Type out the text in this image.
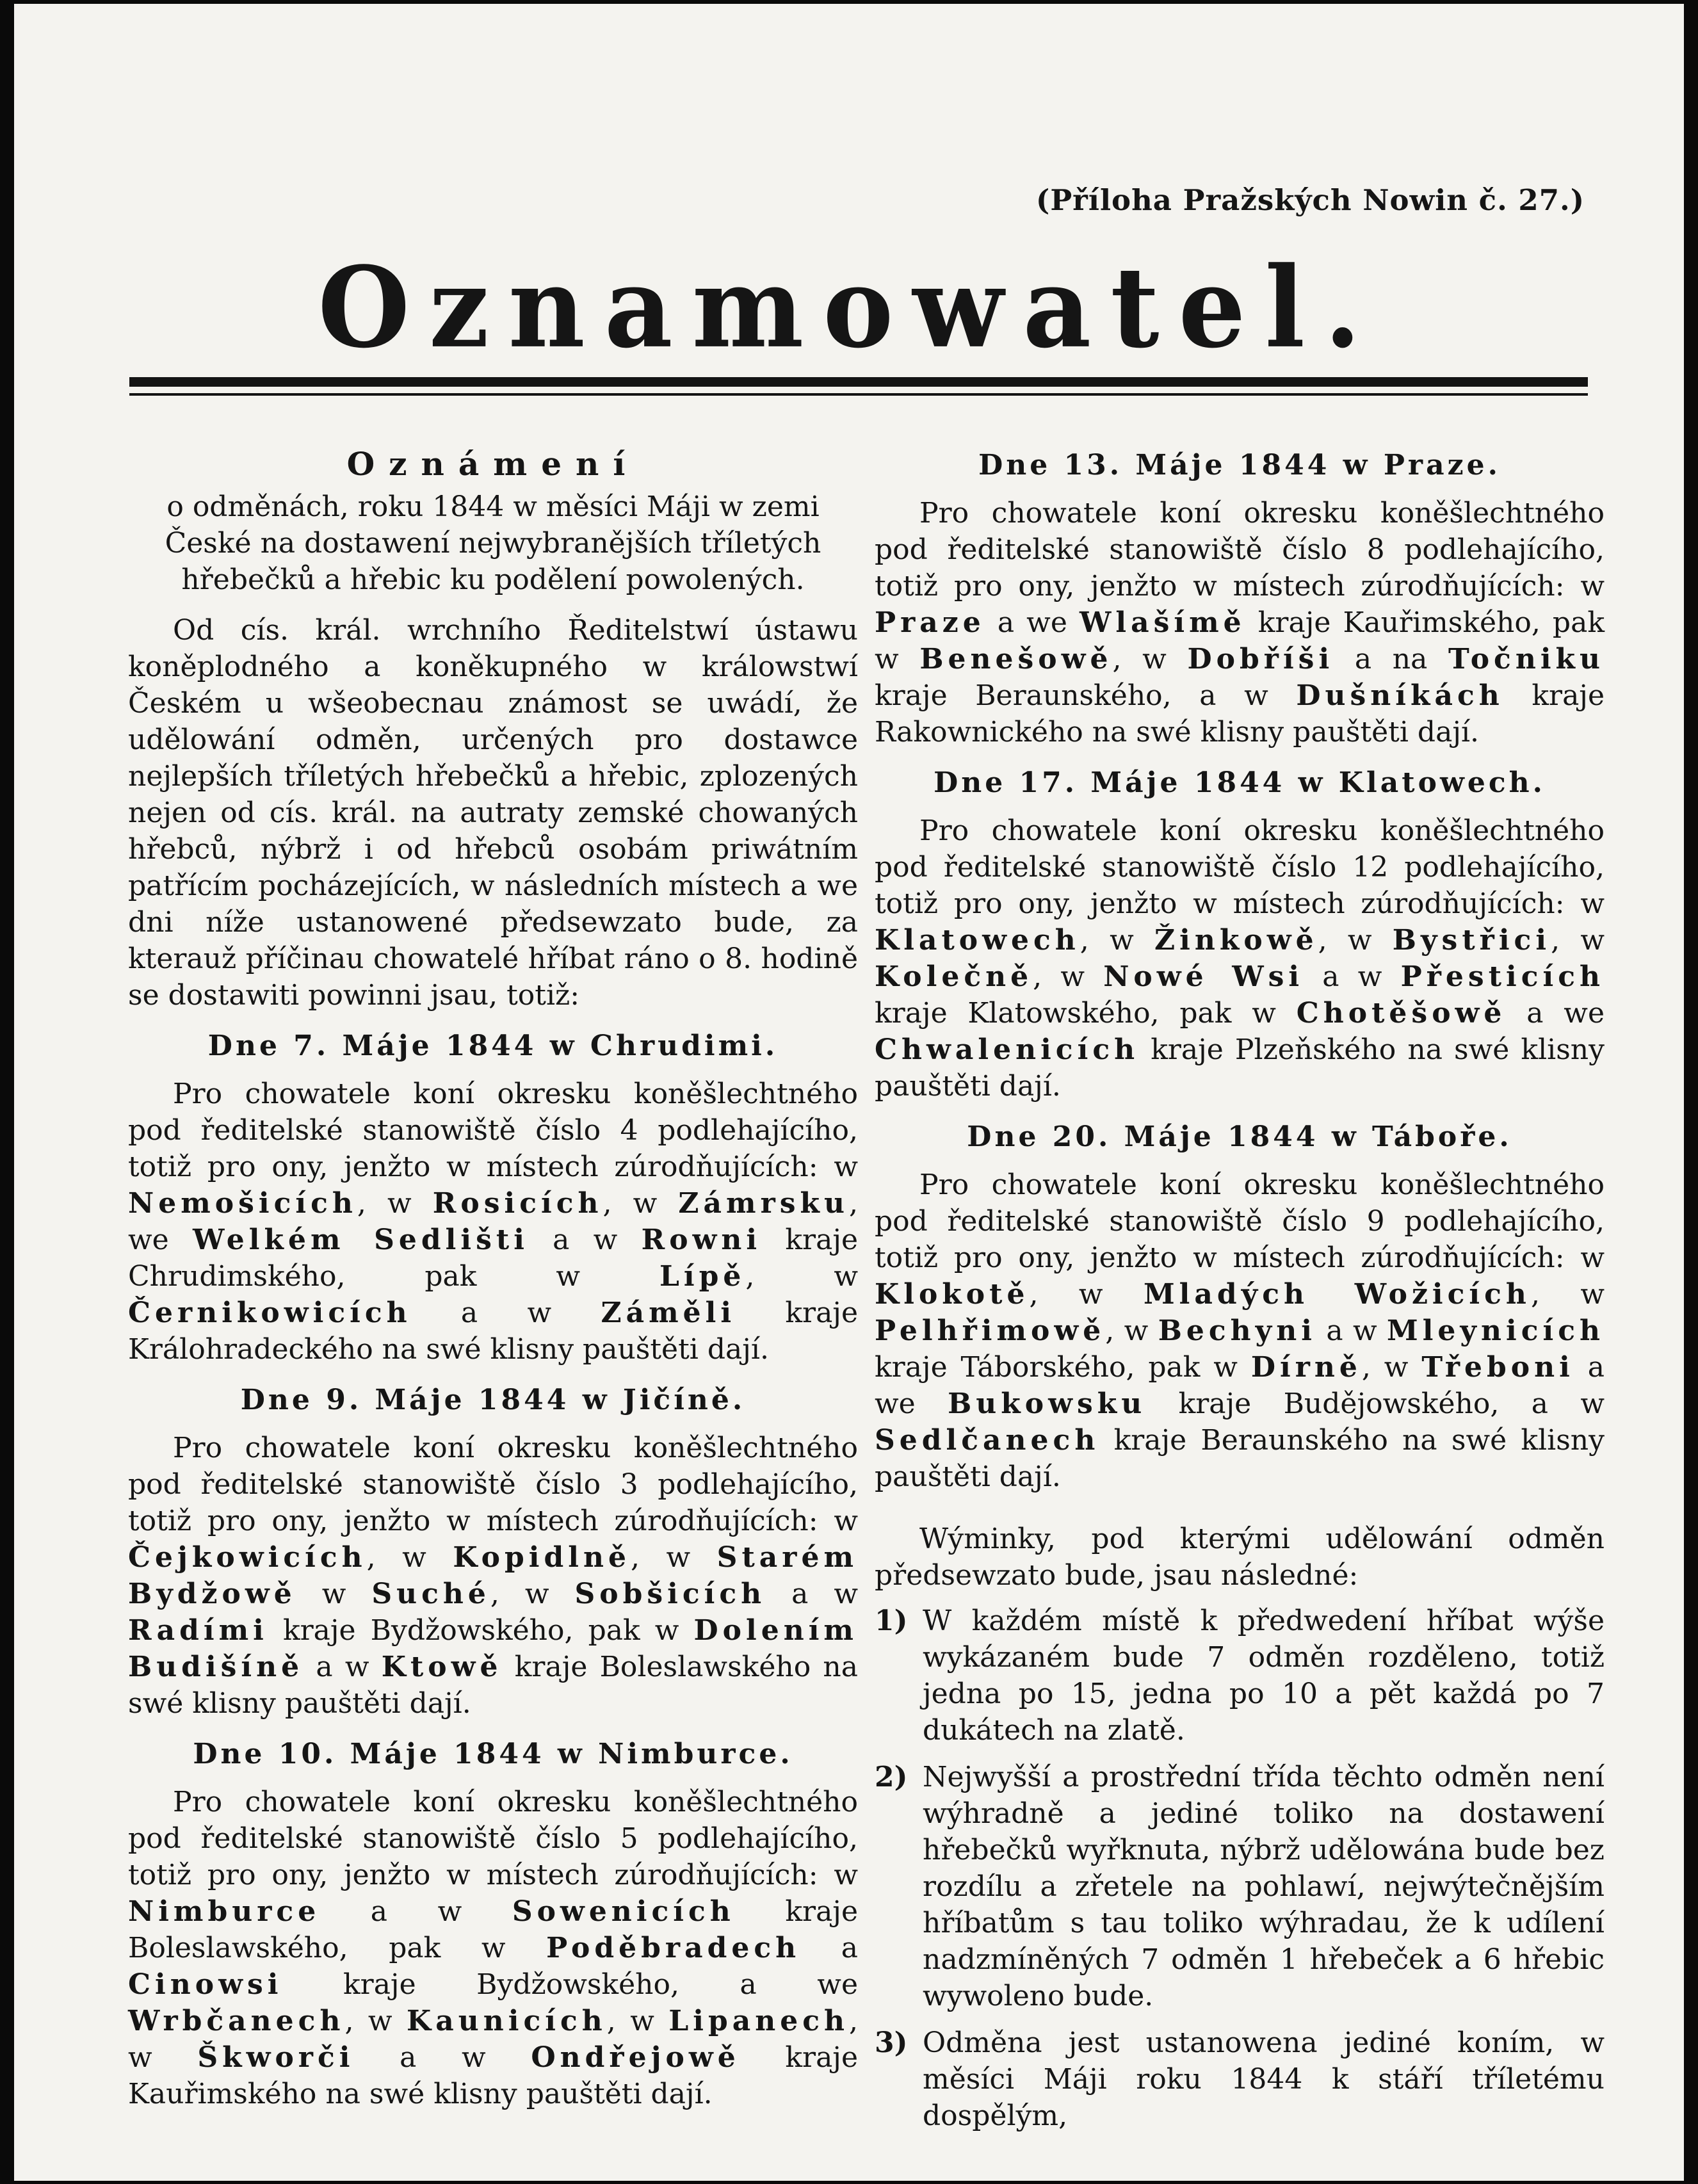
(Příloha Pražských Nowin č. 27.)
Oznamowatel.
Oznámení

o odměnách, roku 1844 w měsíci Máji w zemi České na dostawení nejwybranějších tříletých hřebečků a hřebic ku podělení powolených.

Od cís. král. wrchního Ředitelstwí ústawu koněplodného a koněkupného w králowstwí Českém u wšeobecnau známost se uwádí, že udělowání odměn, určených pro dostawce nejlepších tříletých hřebečků a hřebic, zplozených nejen od cís. král. na autraty zemské chowaných hřebců, nýbrž i od hřebců osobám priwátním patřícím pocházejících, w následních místech a we dni níže ustanowené předsewzato bude, za kterauž příčinau chowatelé hříbat ráno o 8. hodině se dostawiti powinni jsau, totiž:

Dne 7. Máje 1844 w Chrudimi.

Pro chowatele koní okresku koněšlechtného pod ředitelské stanowiště číslo 4 podlehajícího, totiž pro ony, jenžto w místech zúrodňujících: w Nemošicích, w Rosicích, w Zámrsku, we Welkém Sedlišti a w Rowni kraje Chrudimského, pak w Lípě, w Černikowicích a w Záměli kraje Králohradeckého na swé klisny pauštěti dají.

Dne 9. Máje 1844 w Jičíně.

Pro chowatele koní okresku koněšlechtného pod ředitelské stanowiště číslo 3 podlehajícího, totiž pro ony, jenžto w místech zúrodňujících: w Čejkowicích, w Kopidlně, w Starém Bydžowě w Suché, w Sobšicích a w Radími kraje Bydžowského, pak w Dolením Budišíně a w Ktowě kraje Boleslawského na swé klisny pauštěti dají.

Dne 10. Máje 1844 w Nimburce.

Pro chowatele koní okresku koněšlechtného pod ředitelské stanowiště číslo 5 podlehajícího, totiž pro ony, jenžto w místech zúrodňujících: w Nimburce a w Sowenicích kraje Boleslawského, pak w Poděbradech a Cinowsi kraje Bydžowského, a we Wrbčanech, w Kaunicích, w Lipanech, w Škworči a w Ondřejowě kraje Kauřimského na swé klisny pauštěti dají.

Dne 13. Máje 1844 w Praze.

Pro chowatele koní okresku koněšlechtného pod ředitelské stanowiště číslo 8 podlehajícího, totiž pro ony, jenžto w místech zúrodňujících: w Praze a we Wlašímě kraje Kauřimského, pak w Benešowě, w Dobříši a na Točniku kraje Beraunského, a w Dušníkách kraje Rakownického na swé klisny pauštěti dají.

Dne 17. Máje 1844 w Klatowech.

Pro chowatele koní okresku koněšlechtného pod ředitelské stanowiště číslo 12 podlehajícího, totiž pro ony, jenžto w místech zúrodňujících: w Klatowech, w Žinkowě, w Bystřici, w Kolečně, w Nowé Wsi a w Přesticích kraje Klatowského, pak w Chotěšowě a we Chwalenicích kraje Plzeňského na swé klisny pauštěti dají.

Dne 20. Máje 1844 w Táboře.

Pro chowatele koní okresku koněšlechtného pod ředitelské stanowiště číslo 9 podlehajícího, totiž pro ony, jenžto w místech zúrodňujících: w Klokotě, w Mladých Wožicích, w Pelhřimowě, w Bechyni a w Mleynicích kraje Táborského, pak w Dírně, w Třeboni a we Bukowsku kraje Budějowského, a w Sedlčanech kraje Beraunského na swé klisny pauštěti dají.

Wýminky, pod kterými udělowání odměn předsewzato bude, jsau následné:

1) W každém místě k předwedení hříbat wýše wykázaném bude 7 odměn rozděleno, totiž jedna po 15, jedna po 10 a pět každá po 7 dukátech na zlatě.
2) Nejwyšší a prostřední třída těchto odměn není wýhradně a jediné toliko na dostawení hřebečků wyřknuta, nýbrž udělowána bude bez rozdílu a zřetele na pohlawí, nejwýtečnějším hříbatům s tau toliko wýhradau, že k udílení nadzmíněných 7 odměn 1 hřebeček a 6 hřebic wywoleno bude.
3) Odměna jest ustanowena jediné koním, w měsíci Máji roku 1844 k stáří tříletému dospělým,
